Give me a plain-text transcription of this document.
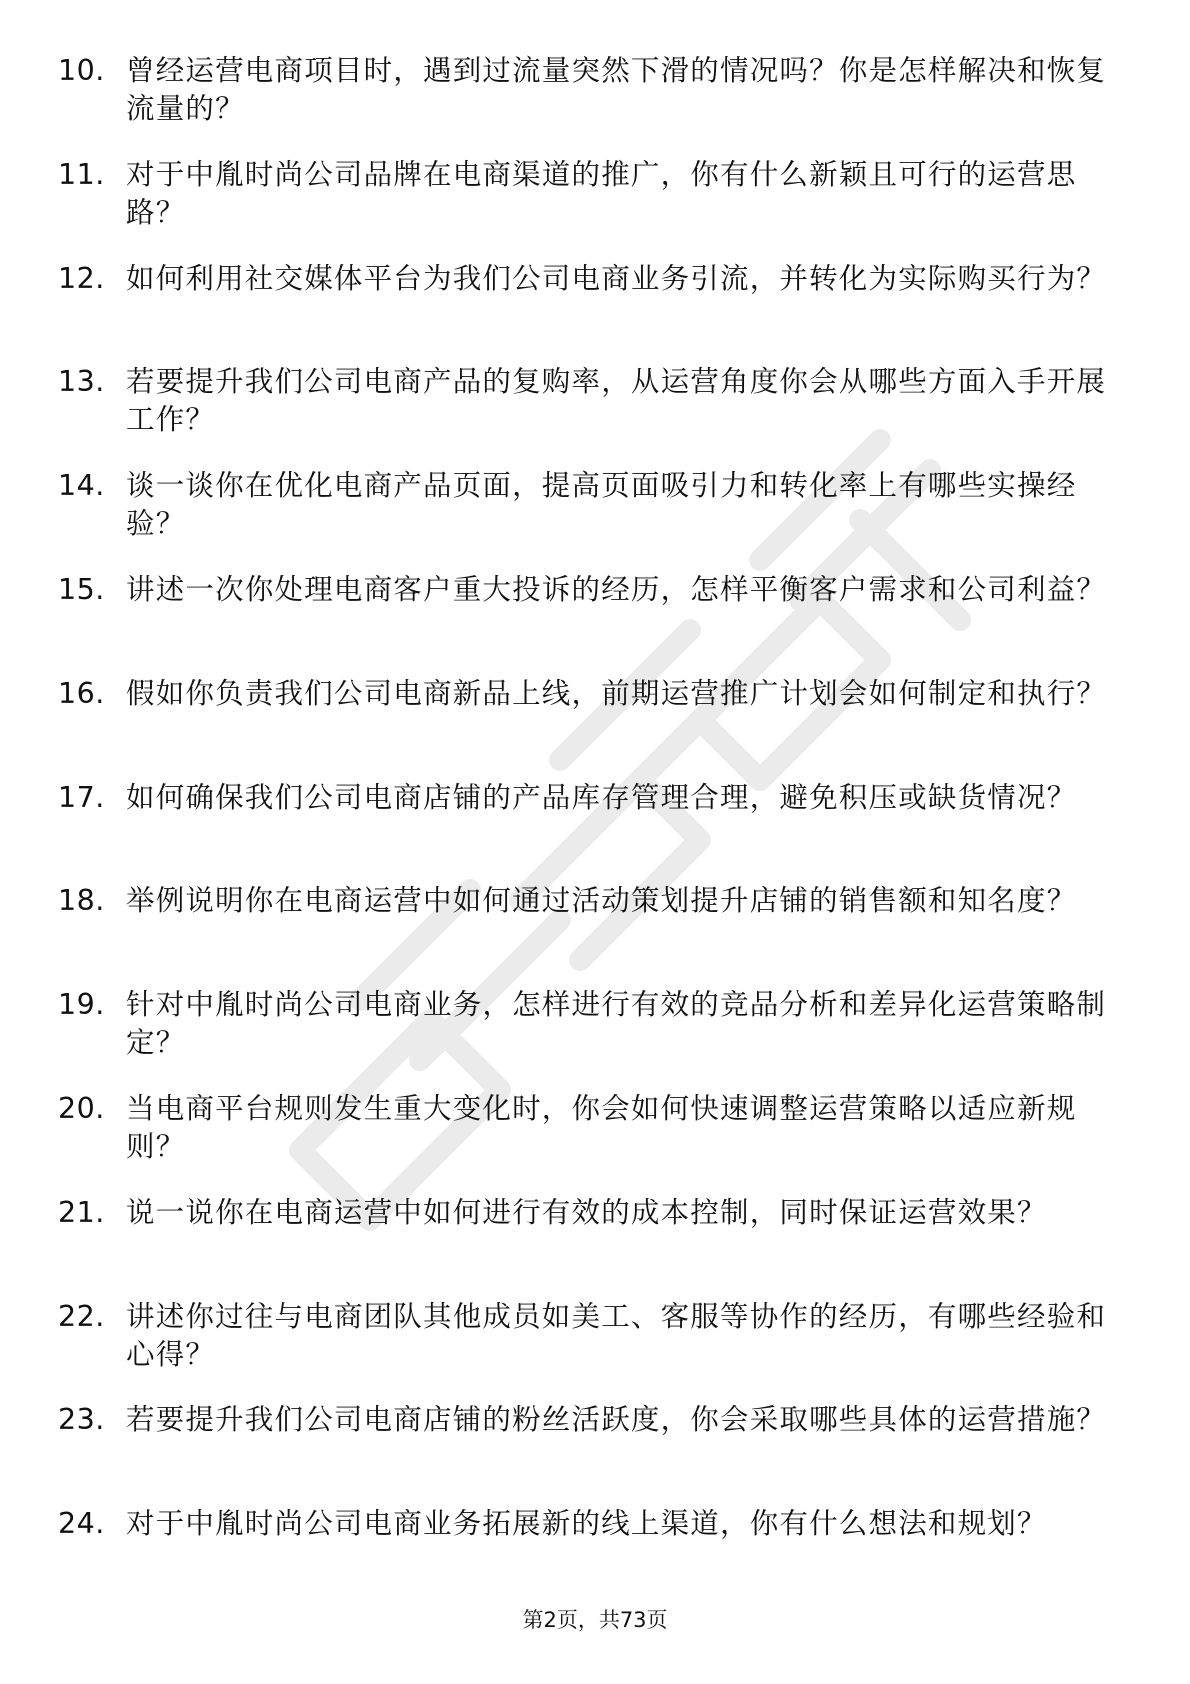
10. 曾经运营电商项目时，遇到过流量突然下滑的情况吗？你是怎样解决和恢复流量的？
11. 对于中胤时尚公司品牌在电商渠道的推广，你有什么新颖且可行的运营思路？
12. 如何利用社交媒体平台为我们公司电商业务引流，并转化为实际购买行为？
13. 若要提升我们公司电商产品的复购率，从运营角度你会从哪些方面入手开展工作？
14. 谈一谈你在优化电商产品页面，提高页面吸引力和转化率上有哪些实操经验？
15. 讲述一次你处理电商客户重大投诉的经历，怎样平衡客户需求和公司利益？
16. 假如你负责我们公司电商新品上线，前期运营推广计划会如何制定和执行？
17. 如何确保我们公司电商店铺的产品库存管理合理，避免积压或缺货情况？
18. 举例说明你在电商运营中如何通过活动策划提升店铺的销售额和知名度？
19. 针对中胤时尚公司电商业务，怎样进行有效的竞品分析和差异化运营策略制定？
20. 当电商平台规则发生重大变化时，你会如何快速调整运营策略以适应新规则？
21. 说一说你在电商运营中如何进行有效的成本控制，同时保证运营效果？
22. 讲述你过往与电商团队其他成员如美工、客服等协作的经历，有哪些经验和心得？
23. 若要提升我们公司电商店铺的粉丝活跃度，你会采取哪些具体的运营措施？
24. 对于中胤时尚公司电商业务拓展新的线上渠道，你有什么想法和规划？
第2页，共73页
